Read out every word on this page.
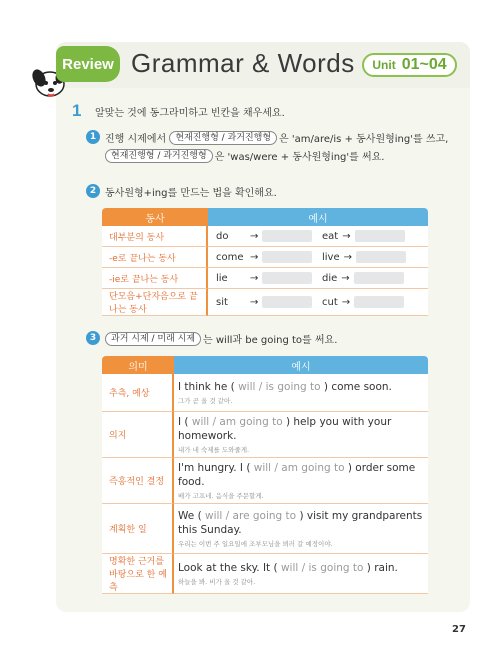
Review Grammar & Words Unit 01~04
1 알맞는 것에 동그라미하고 빈칸을 채우세요.
1 진행 시제에서
	현재진행형 / 과거진행형 은 'am/are/is + 동사원형ing'를 쓰고,
현재진행형 / 과거진행형 은 'was/were + 동사원형ing'를 써요.
2 동사원형+ing를 만드는 법을 확인해요.
동사	예시
대부분의 동사	do → eat →

-e로 끝나는 동사	come → live →

-ie로 끝나는 동사	lie → die →

단모음+단자음으로 끝나는 동사	sit → cut →
3	과거 시제 / 미래 시제 는 will과 be going to를 써요.
의미	예시
추측, 예상	I think he ( will / is going to ) come soon.
그가 곧 올 것 같아.

의지	I ( will / am going to ) help you with your homework.
내가 네 숙제를 도와줄게.

즉흥적인 결정	I'm hungry. I ( will / am going to ) order some food.
배가 고프네. 음식을 주문할게.

계획한 일	We ( will / are going to ) visit my grandparents this Sunday.
우리는 이번 주 일요일에 조부모님을 뵈러 갈 예정이야.

명확한 근거를 바탕으로 한 예측	Look at the sky. It ( will / is going to ) rain.
하늘을 봐. 비가 올 것 같아.
27
